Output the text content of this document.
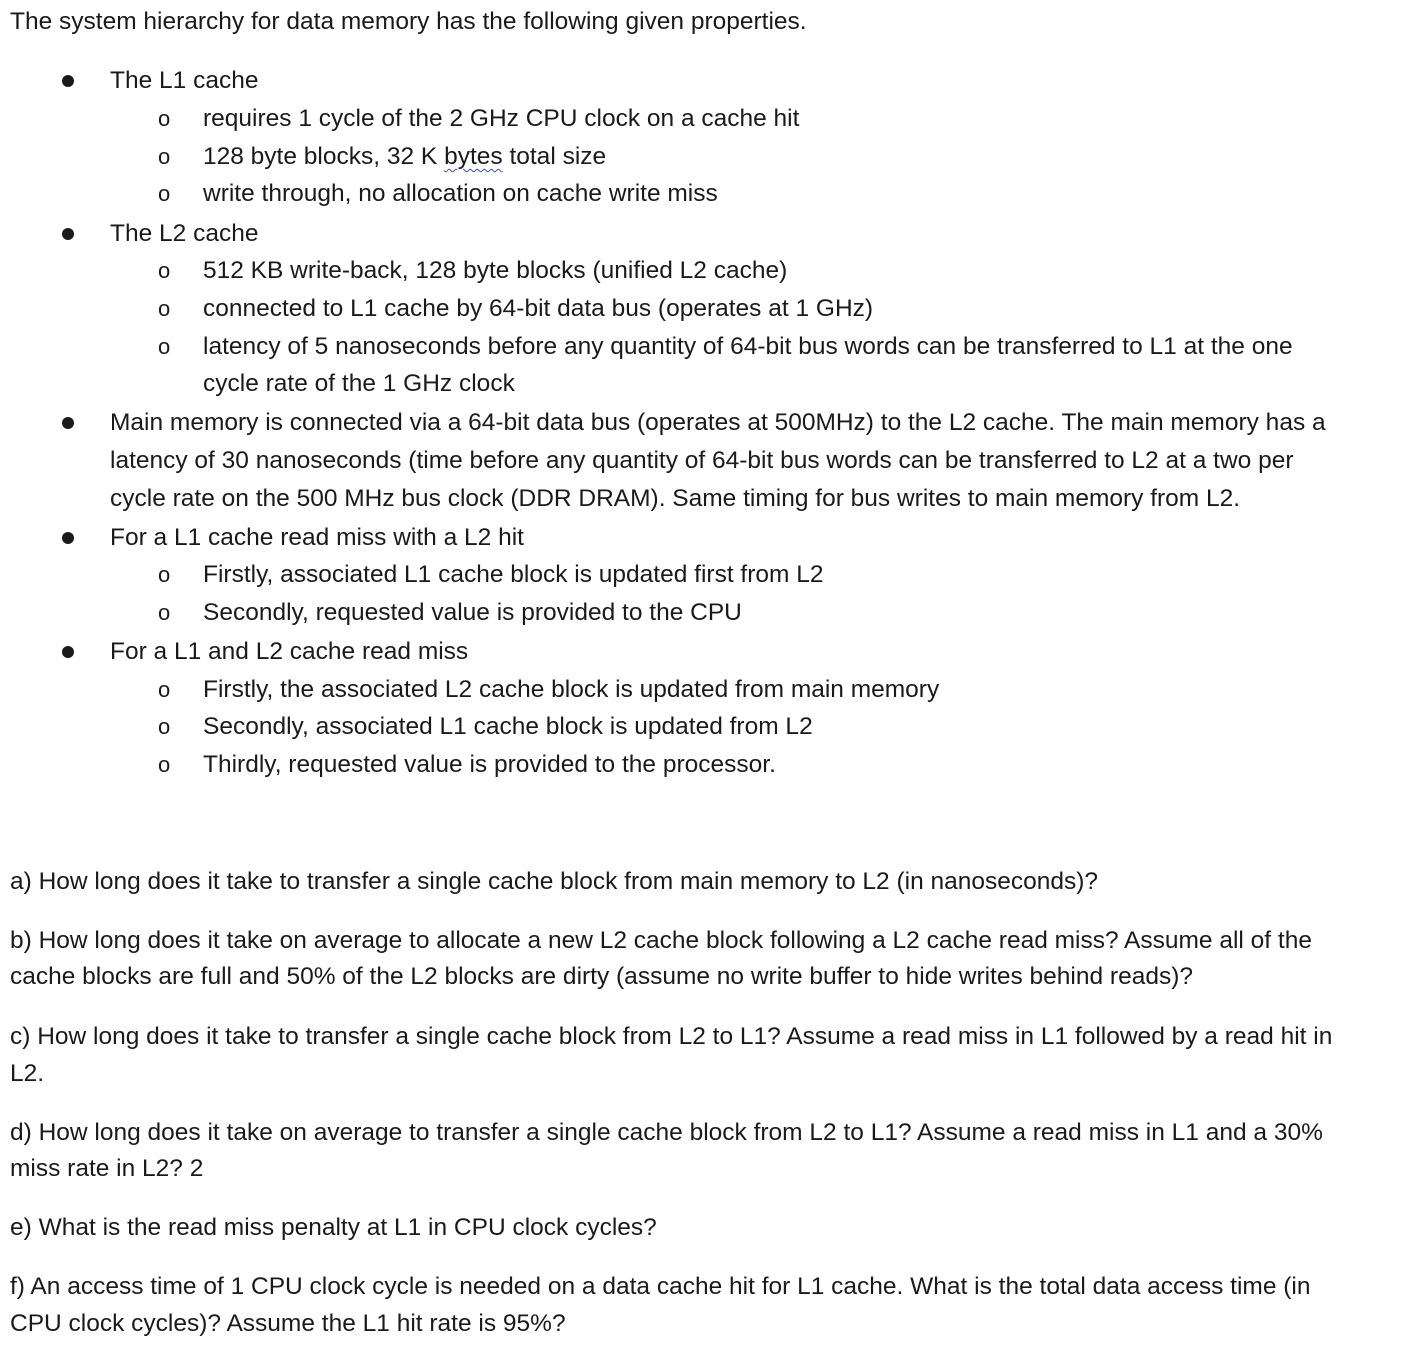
The system hierarchy for data memory has the following given properties.
The L1 cache
o requires 1 cycle of the 2 GHz CPU clock on a cache hit
o 128 byte blocks, 32 K bytes total size
o write through, no allocation on cache write miss
The L2 cache
o 512 KB write-back, 128 byte blocks (unified L2 cache)
o connected to L1 cache by 64-bit data bus (operates at 1 GHz)
o latency of 5 nanoseconds before any quantity of 64-bit bus words can be transferred to L1 at the one
cycle rate of the 1 GHz clock
Main memory is connected via a 64-bit data bus (operates at 500MHz) to the L2 cache. The main memory has a
latency of 30 nanoseconds (time before any quantity of 64-bit bus words can be transferred to L2 at a two per
cycle rate on the 500 MHz bus clock (DDR DRAM). Same timing for bus writes to main memory from L2.
For a L1 cache read miss with a L2 hit
o Firstly, associated L1 cache block is updated first from L2
o Secondly, requested value is provided to the CPU
For a L1 and L2 cache read miss
o Firstly, the associated L2 cache block is updated from main memory
o Secondly, associated L1 cache block is updated from L2
o Thirdly, requested value is provided to the processor.
a) How long does it take to transfer a single cache block from main memory to L2 (in nanoseconds)?
b) How long does it take on average to allocate a new L2 cache block following a L2 cache read miss? Assume all of the
cache blocks are full and 50% of the L2 blocks are dirty (assume no write buffer to hide writes behind reads)?
c) How long does it take to transfer a single cache block from L2 to L1? Assume a read miss in L1 followed by a read hit in
L2.
d) How long does it take on average to transfer a single cache block from L2 to L1? Assume a read miss in L1 and a 30%
miss rate in L2? 2
e) What is the read miss penalty at L1 in CPU clock cycles?
f) An access time of 1 CPU clock cycle is needed on a data cache hit for L1 cache. What is the total data access time (in
CPU clock cycles)? Assume the L1 hit rate is 95%?
